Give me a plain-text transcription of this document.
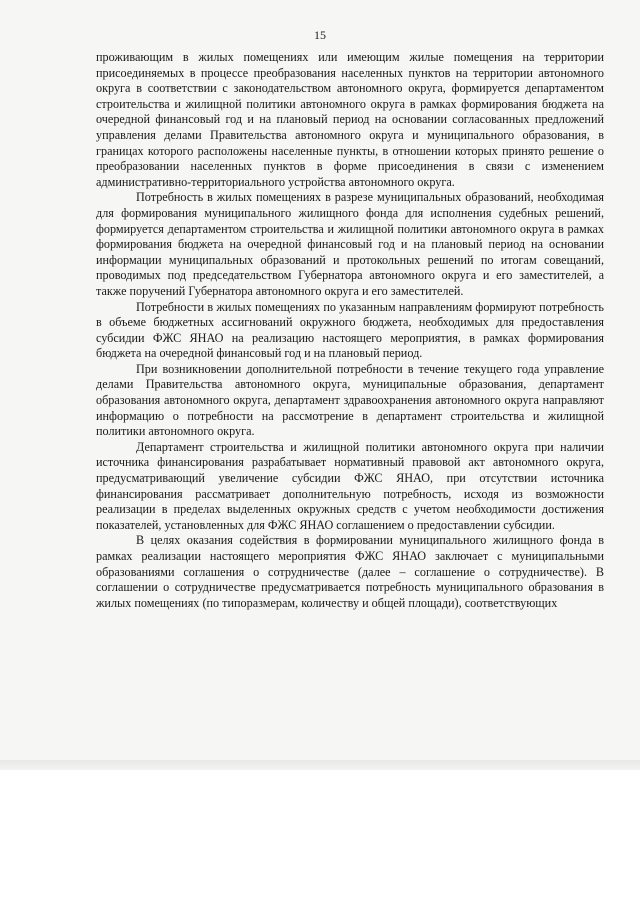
15

проживающим в жилых помещениях или имеющим жилые помещения на территории присоединяемых в процессе преобразования населенных пунктов на территории автономного округа в соответствии с законодательством автономного округа, формируется департаментом строительства и жилищной политики автономного округа в рамках формирования бюджета на очередной финансовый год и на плановый период на основании согласованных предложений управления делами Правительства автономного округа и муниципального образования, в границах которого расположены населенные пункты, в отношении которых принято решение о преобразовании населенных пунктов в форме присоединения в связи с изменением административно-территориального устройства автономного округа.

Потребность в жилых помещениях в разрезе муниципальных образований, необходимая для формирования муниципального жилищного фонда для исполнения судебных решений, формируется департаментом строительства и жилищной политики автономного округа в рамках формирования бюджета на очередной финансовый год и на плановый период на основании информации муниципальных образований и протокольных решений по итогам совещаний, проводимых под председательством Губернатора автономного округа и его заместителей, а также поручений Губернатора автономного округа и его заместителей.

Потребности в жилых помещениях по указанным направлениям формируют потребность в объеме бюджетных ассигнований окружного бюджета, необходимых для предоставления субсидии ФЖС ЯНАО на реализацию настоящего мероприятия, в рамках формирования бюджета на очередной финансовый год и на плановый период.

При возникновении дополнительной потребности в течение текущего года управление делами Правительства автономного округа, муниципальные образования, департамент образования автономного округа, департамент здравоохранения автономного округа направляют информацию о потребности на рассмотрение в департамент строительства и жилищной политики автономного округа.

Департамент строительства и жилищной политики автономного округа при наличии источника финансирования разрабатывает нормативный правовой акт автономного округа, предусматривающий увеличение субсидии ФЖС ЯНАО, при отсутствии источника финансирования рассматривает дополнительную потребность, исходя из возможности реализации в пределах выделенных окружных средств с учетом необходимости достижения показателей, установленных для ФЖС ЯНАО соглашением о предоставлении субсидии.

В целях оказания содействия в формировании муниципального жилищного фонда в рамках реализации настоящего мероприятия ФЖС ЯНАО заключает с муниципальными образованиями соглашения о сотрудничестве (далее – соглашение о сотрудничестве). В соглашении о сотрудничестве предусматривается потребность муниципального образования в жилых помещениях (по типоразмерам, количеству и общей площади), соответствующих
